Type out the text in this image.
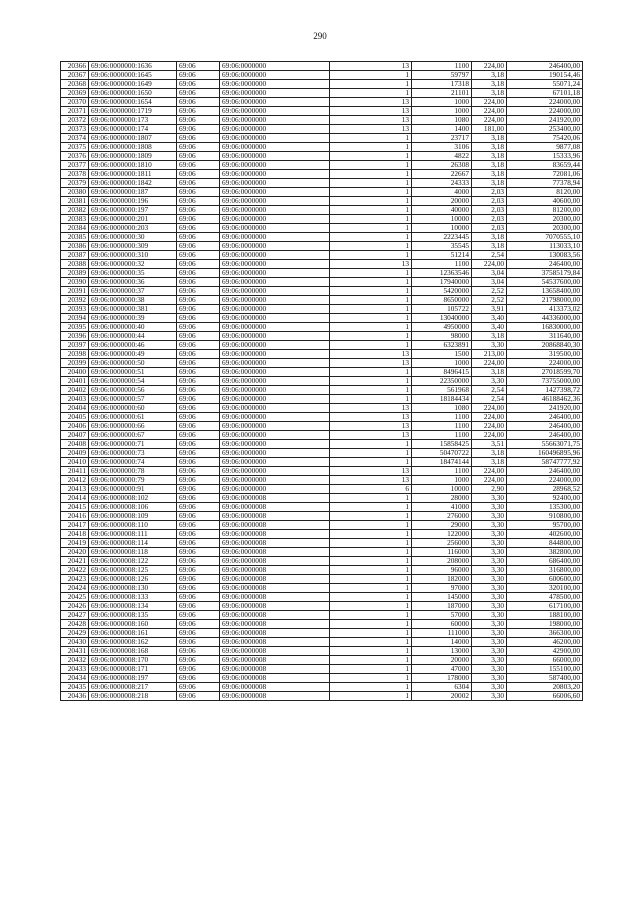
290
20366	69:06:0000000:1636	69:06	69:06:0000000	13	1100	224,00	246400,00
20367	69:06:0000000:1645	69:06	69:06:0000000	1	59797	3,18	190154,46
20368	69:06:0000000:1649	69:06	69:06:0000000	1	17318	3,18	55071,24
20369	69:06:0000000:1650	69:06	69:06:0000000	1	21101	3,18	67101,18
20370	69:06:0000000:1654	69:06	69:06:0000000	13	1000	224,00	224000,00
20371	69:06:0000000:1719	69:06	69:06:0000000	13	1000	224,00	224000,00
20372	69:06:0000000:173	69:06	69:06:0000000	13	1080	224,00	241920,00
20373	69:06:0000000:174	69:06	69:06:0000000	13	1400	181,00	253400,00
20374	69:06:0000000:1807	69:06	69:06:0000000	1	23717	3,18	75420,06
20375	69:06:0000000:1808	69:06	69:06:0000000	1	3106	3,18	9877,08
20376	69:06:0000000:1809	69:06	69:06:0000000	1	4822	3,18	15333,96
20377	69:06:0000000:1810	69:06	69:06:0000000	1	26308	3,18	83659,44
20378	69:06:0000000:1811	69:06	69:06:0000000	1	22667	3,18	72081,06
20379	69:06:0000000:1842	69:06	69:06:0000000	1	24333	3,18	77378,94
20380	69:06:0000000:187	69:06	69:06:0000000	1	4000	2,03	8120,00
20381	69:06:0000000:196	69:06	69:06:0000000	1	20000	2,03	40600,00
20382	69:06:0000000:197	69:06	69:06:0000000	1	40000	2,03	81200,00
20383	69:06:0000000:201	69:06	69:06:0000000	1	10000	2,03	20300,00
20384	69:06:0000000:203	69:06	69:06:0000000	1	10000	2,03	20300,00
20385	69:06:0000000:30	69:06	69:06:0000000	1	2223445	3,18	7070555,10
20386	69:06:0000000:309	69:06	69:06:0000000	1	35545	3,18	113033,10
20387	69:06:0000000:310	69:06	69:06:0000000	1	51214	2,54	130083,56
20388	69:06:0000000:32	69:06	69:06:0000000	13	1100	224,00	246400,00
20389	69:06:0000000:35	69:06	69:06:0000000	1	12363546	3,04	37585179,84
20390	69:06:0000000:36	69:06	69:06:0000000	1	17940000	3,04	54537600,00
20391	69:06:0000000:37	69:06	69:06:0000000	1	5420000	2,52	13658400,00
20392	69:06:0000000:38	69:06	69:06:0000000	1	8650000	2,52	21798000,00
20393	69:06:0000000:381	69:06	69:06:0000000	1	105722	3,91	413373,02
20394	69:06:0000000:39	69:06	69:06:0000000	1	13040000	3,40	44336000,00
20395	69:06:0000000:40	69:06	69:06:0000000	1	4950000	3,40	16830000,00
20396	69:06:0000000:44	69:06	69:06:0000000	1	98000	3,18	311640,00
20397	69:06:0000000:46	69:06	69:06:0000000	1	6323891	3,30	20868840,30
20398	69:06:0000000:49	69:06	69:06:0000000	13	1500	213,00	319500,00
20399	69:06:0000000:50	69:06	69:06:0000000	13	1000	224,00	224000,00
20400	69:06:0000000:51	69:06	69:06:0000000	1	8496415	3,18	27018599,70
20401	69:06:0000000:54	69:06	69:06:0000000	1	22350000	3,30	73755000,00
20402	69:06:0000000:56	69:06	69:06:0000000	1	561968	2,54	1427398,72
20403	69:06:0000000:57	69:06	69:06:0000000	1	18184434	2,54	46188462,36
20404	69:06:0000000:60	69:06	69:06:0000000	13	1080	224,00	241920,00
20405	69:06:0000000:61	69:06	69:06:0000000	13	1100	224,00	246400,00
20406	69:06:0000000:66	69:06	69:06:0000000	13	1100	224,00	246400,00
20407	69:06:0000000:67	69:06	69:06:0000000	13	1100	224,00	246400,00
20408	69:06:0000000:71	69:06	69:06:0000000	1	15858425	3,51	55663071,75
20409	69:06:0000000:73	69:06	69:06:0000000	1	50470722	3,18	160496895,96
20410	69:06:0000000:74	69:06	69:06:0000000	1	18474144	3,18	58747777,92
20411	69:06:0000000:78	69:06	69:06:0000000	13	1100	224,00	246400,00
20412	69:06:0000000:79	69:06	69:06:0000000	13	1000	224,00	224000,00
20413	69:06:0000000:91	69:06	69:06:0000000	6	10000	2,90	28968,52
20414	69:06:0000008:102	69:06	69:06:0000008	1	28000	3,30	92400,00
20415	69:06:0000008:106	69:06	69:06:0000008	1	41000	3,30	135300,00
20416	69:06:0000008:109	69:06	69:06:0000008	1	276000	3,30	910800,00
20417	69:06:0000008:110	69:06	69:06:0000008	1	29000	3,30	95700,00
20418	69:06:0000008:111	69:06	69:06:0000008	1	122000	3,30	402600,00
20419	69:06:0000008:114	69:06	69:06:0000008	1	256000	3,30	844800,00
20420	69:06:0000008:118	69:06	69:06:0000008	1	116000	3,30	382800,00
20421	69:06:0000008:122	69:06	69:06:0000008	1	208000	3,30	686400,00
20422	69:06:0000008:125	69:06	69:06:0000008	1	96000	3,30	316800,00
20423	69:06:0000008:126	69:06	69:06:0000008	1	182000	3,30	600600,00
20424	69:06:0000008:130	69:06	69:06:0000008	1	97000	3,30	320100,00
20425	69:06:0000008:133	69:06	69:06:0000008	1	145000	3,30	478500,00
20426	69:06:0000008:134	69:06	69:06:0000008	1	187000	3,30	617100,00
20427	69:06:0000008:135	69:06	69:06:0000008	1	57000	3,30	188100,00
20428	69:06:0000008:160	69:06	69:06:0000008	1	60000	3,30	198000,00
20429	69:06:0000008:161	69:06	69:06:0000008	1	111000	3,30	366300,00
20430	69:06:0000008:162	69:06	69:06:0000008	1	14000	3,30	46200,00
20431	69:06:0000008:168	69:06	69:06:0000008	1	13000	3,30	42900,00
20432	69:06:0000008:170	69:06	69:06:0000008	1	20000	3,30	66000,00
20433	69:06:0000008:171	69:06	69:06:0000008	1	47000	3,30	155100,00
20434	69:06:0000008:197	69:06	69:06:0000008	1	178000	3,30	587400,00
20435	69:06:0000008:217	69:06	69:06:0000008	1	6304	3,30	20803,20
20436	69:06:0000008:218	69:06	69:06:0000008	1	20002	3,30	66006,60
